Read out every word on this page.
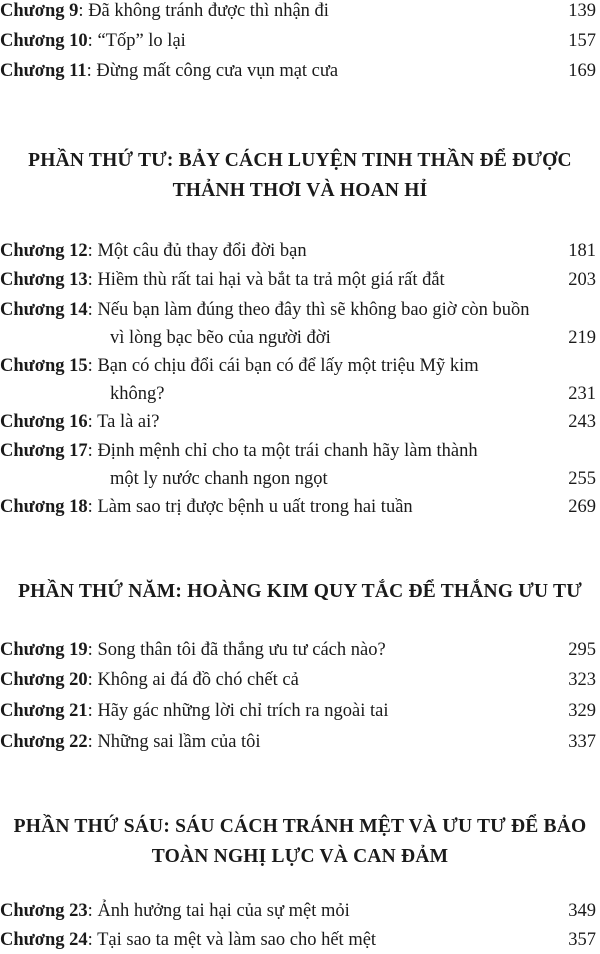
Chương 9: Đã không tránh được thì nhận đi	139
Chương 10: “Tốp” lo lại	157
Chương 11: Đừng mất công cưa vụn mạt cưa	169
PHẦN THỨ TƯ: BẢY CÁCH LUYỆN TINH THẦN ĐỂ ĐƯỢC
THẢNH THƠI VÀ HOAN HỈ
Chương 12: Một câu đủ thay đổi đời bạn	181
Chương 13: Hiềm thù rất tai hại và bắt ta trả một giá rất đắt	203
Chương 14: Nếu bạn làm đúng theo đây thì sẽ không bao giờ còn buồn
vì lòng bạc bẽo của người đời	219
Chương 15: Bạn có chịu đổi cái bạn có để lấy một triệu Mỹ kim
không?	231
Chương 16: Ta là ai?	243
Chương 17: Định mệnh chỉ cho ta một trái chanh hãy làm thành
một ly nước chanh ngon ngọt	255
Chương 18: Làm sao trị được bệnh u uất trong hai tuần	269
PHẦN THỨ NĂM: HOÀNG KIM QUY TẮC ĐỂ THẮNG ƯU TƯ
Chương 19: Song thân tôi đã thắng ưu tư cách nào?	295
Chương 20: Không ai đá đồ chó chết cả	323
Chương 21: Hãy gác những lời chỉ trích ra ngoài tai	329
Chương 22: Những sai lầm của tôi	337
PHẦN THỨ SÁU: SÁU CÁCH TRÁNH MỆT VÀ ƯU TƯ ĐỂ BẢO
TOÀN NGHỊ LỰC VÀ CAN ĐẢM
Chương 23: Ảnh hưởng tai hại của sự mệt mỏi	349
Chương 24: Tại sao ta mệt và làm sao cho hết mệt	357
